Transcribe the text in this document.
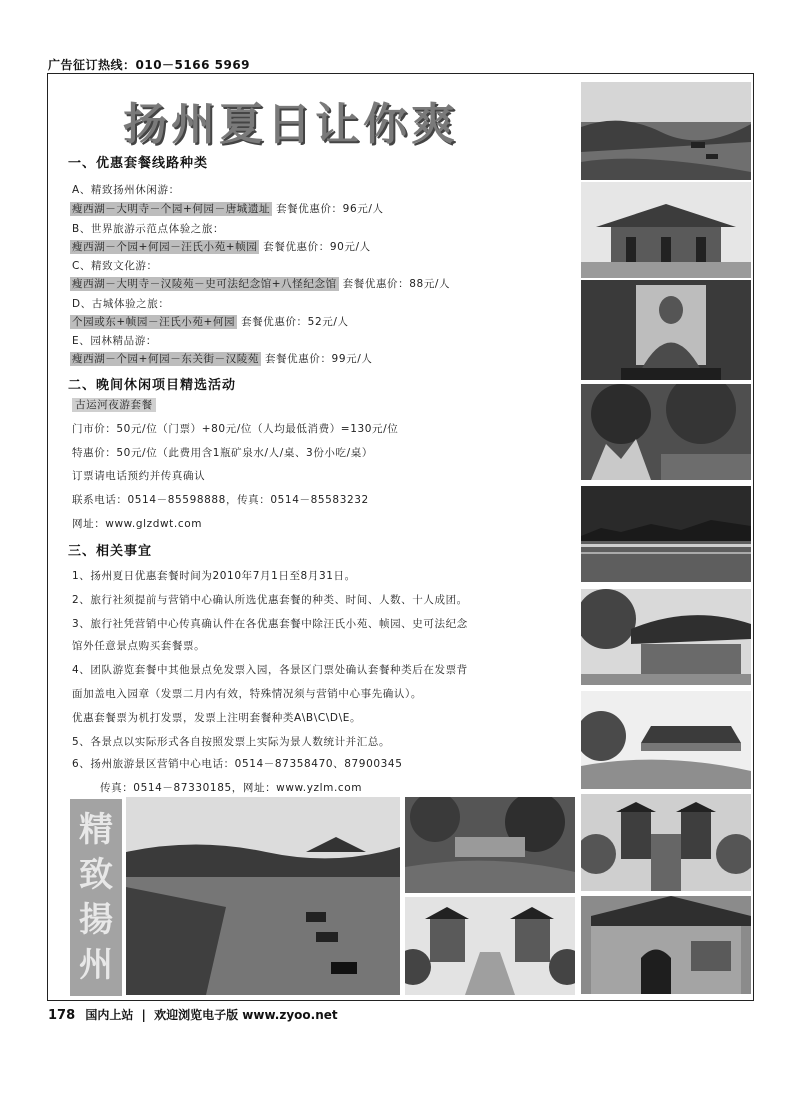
广告征订热线：010－5166 5969
扬州夏日让你爽
一、优惠套餐线路种类
A、精致扬州休闲游：
瘦西湖－大明寺－个园+何园－唐城遗址 套餐优惠价：96元/人
B、世界旅游示范点体验之旅：
瘦西湖－个园+何园－汪氏小苑+帧园 套餐优惠价：90元/人
C、精致文化游：
瘦西湖－大明寺－汉陵苑－史可法纪念馆+八怪纪念馆 套餐优惠价：88元/人
D、古城体验之旅：
个园或东+帧园－汪氏小苑+何园 套餐优惠价：52元/人
E、园林精品游：
瘦西湖－个园+何园－东关街－汉陵苑 套餐优惠价：99元/人
二、晚间休闲项目精选活动
古运河夜游套餐
门市价：50元/位（门票）+80元/位（人均最低消费）=130元/位
特惠价：50元/位（此费用含1瓶矿泉水/人/桌、3份小吃/桌）
订票请电话预约并传真确认
联系电话：0514－85598888，传真：0514－85583232
网址：www.glzdwt.com
三、相关事宜
1、扬州夏日优惠套餐时间为2010年7月1日至8月31日。
2、旅行社须提前与营销中心确认所选优惠套餐的种类、时间、人数、十人成团。
3、旅行社凭营销中心传真确认件在各优惠套餐中除汪氏小苑、帧园、史可法纪念
馆外任意景点购买套餐票。
4、团队游览套餐中其他景点免发票入园，各景区门票处确认套餐种类后在发票背
面加盖电入园章（发票二月内有效，特殊情况须与营销中心事先确认）。
优惠套餐票为机打发票，发票上注明套餐种类A\B\C\D\E。
5、各景点以实际形式各自按照发票上实际为景人数统计并汇总。
6、扬州旅游景区营销中心电话：0514－87358470、87900345
传真：0514－87330185，网址：www.yzlm.com
精
致
揚
州
178 国内上站 | 欢迎浏览电子版 www.zyoo.net
